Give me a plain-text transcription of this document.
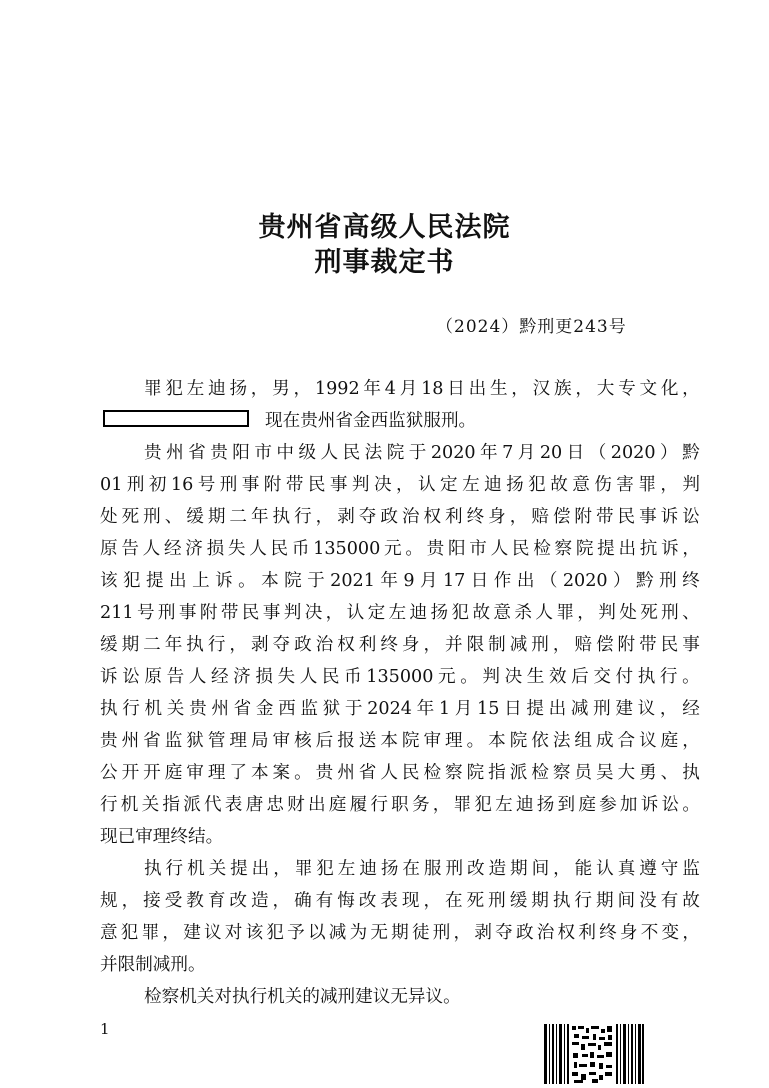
贵州省高级人民法院
刑事裁定书
（2024）黔刑更243号
罪 犯 左 迪 扬 ， 男 ， 1992 年 4 月 18 日 出 生 ， 汉 族 ， 大 专 文 化 ，
现在贵州省金西监狱服刑。
贵 州 省 贵 阳 市 中 级 人 民 法 院 于 2020 年 7 月 20 日 （ 2020 ） 黔
01 刑 初 16 号 刑 事 附 带 民 事 判 决 ， 认 定 左 迪 扬 犯 故 意 伤 害 罪 ， 判
处 死 刑 、 缓 期 二 年 执 行 ， 剥 夺 政 治 权 利 终 身 ， 赔 偿 附 带 民 事 诉 讼
原 告 人 经 济 损 失 人 民 币 135000 元 。 贵 阳 市 人 民 检 察 院 提 出 抗 诉 ，
该 犯 提 出 上 诉 。 本 院 于 2021 年 9 月 17 日 作 出 （ 2020 ） 黔 刑 终
211 号 刑 事 附 带 民 事 判 决 ， 认 定 左 迪 扬 犯 故 意 杀 人 罪 ， 判 处 死 刑 、
缓 期 二 年 执 行 ， 剥 夺 政 治 权 利 终 身 ， 并 限 制 减 刑 ， 赔 偿 附 带 民 事
诉 讼 原 告 人 经 济 损 失 人 民 币 135000 元 。 判 决 生 效 后 交 付 执 行 。
执 行 机 关 贵 州 省 金 西 监 狱 于 2024 年 1 月 15 日 提 出 减 刑 建 议 ， 经
贵 州 省 监 狱 管 理 局 审 核 后 报 送 本 院 审 理 。 本 院 依 法 组 成 合 议 庭 ，
公 开 开 庭 审 理 了 本 案 。 贵 州 省 人 民 检 察 院 指 派 检 察 员 吴 大 勇 、 执
行 机 关 指 派 代 表 唐 忠 财 出 庭 履 行 职 务 ， 罪 犯 左 迪 扬 到 庭 参 加 诉 讼 。
现已审理终结。
执 行 机 关 提 出 ， 罪 犯 左 迪 扬 在 服 刑 改 造 期 间 ， 能 认 真 遵 守 监
规 ， 接 受 教 育 改 造 ， 确 有 悔 改 表 现 ， 在 死 刑 缓 期 执 行 期 间 没 有 故
意 犯 罪 ， 建 议 对 该 犯 予 以 减 为 无 期 徒 刑 ， 剥 夺 政 治 权 利 终 身 不 变 ，
并限制减刑。
检察机关对执行机关的减刑建议无异议。
1
